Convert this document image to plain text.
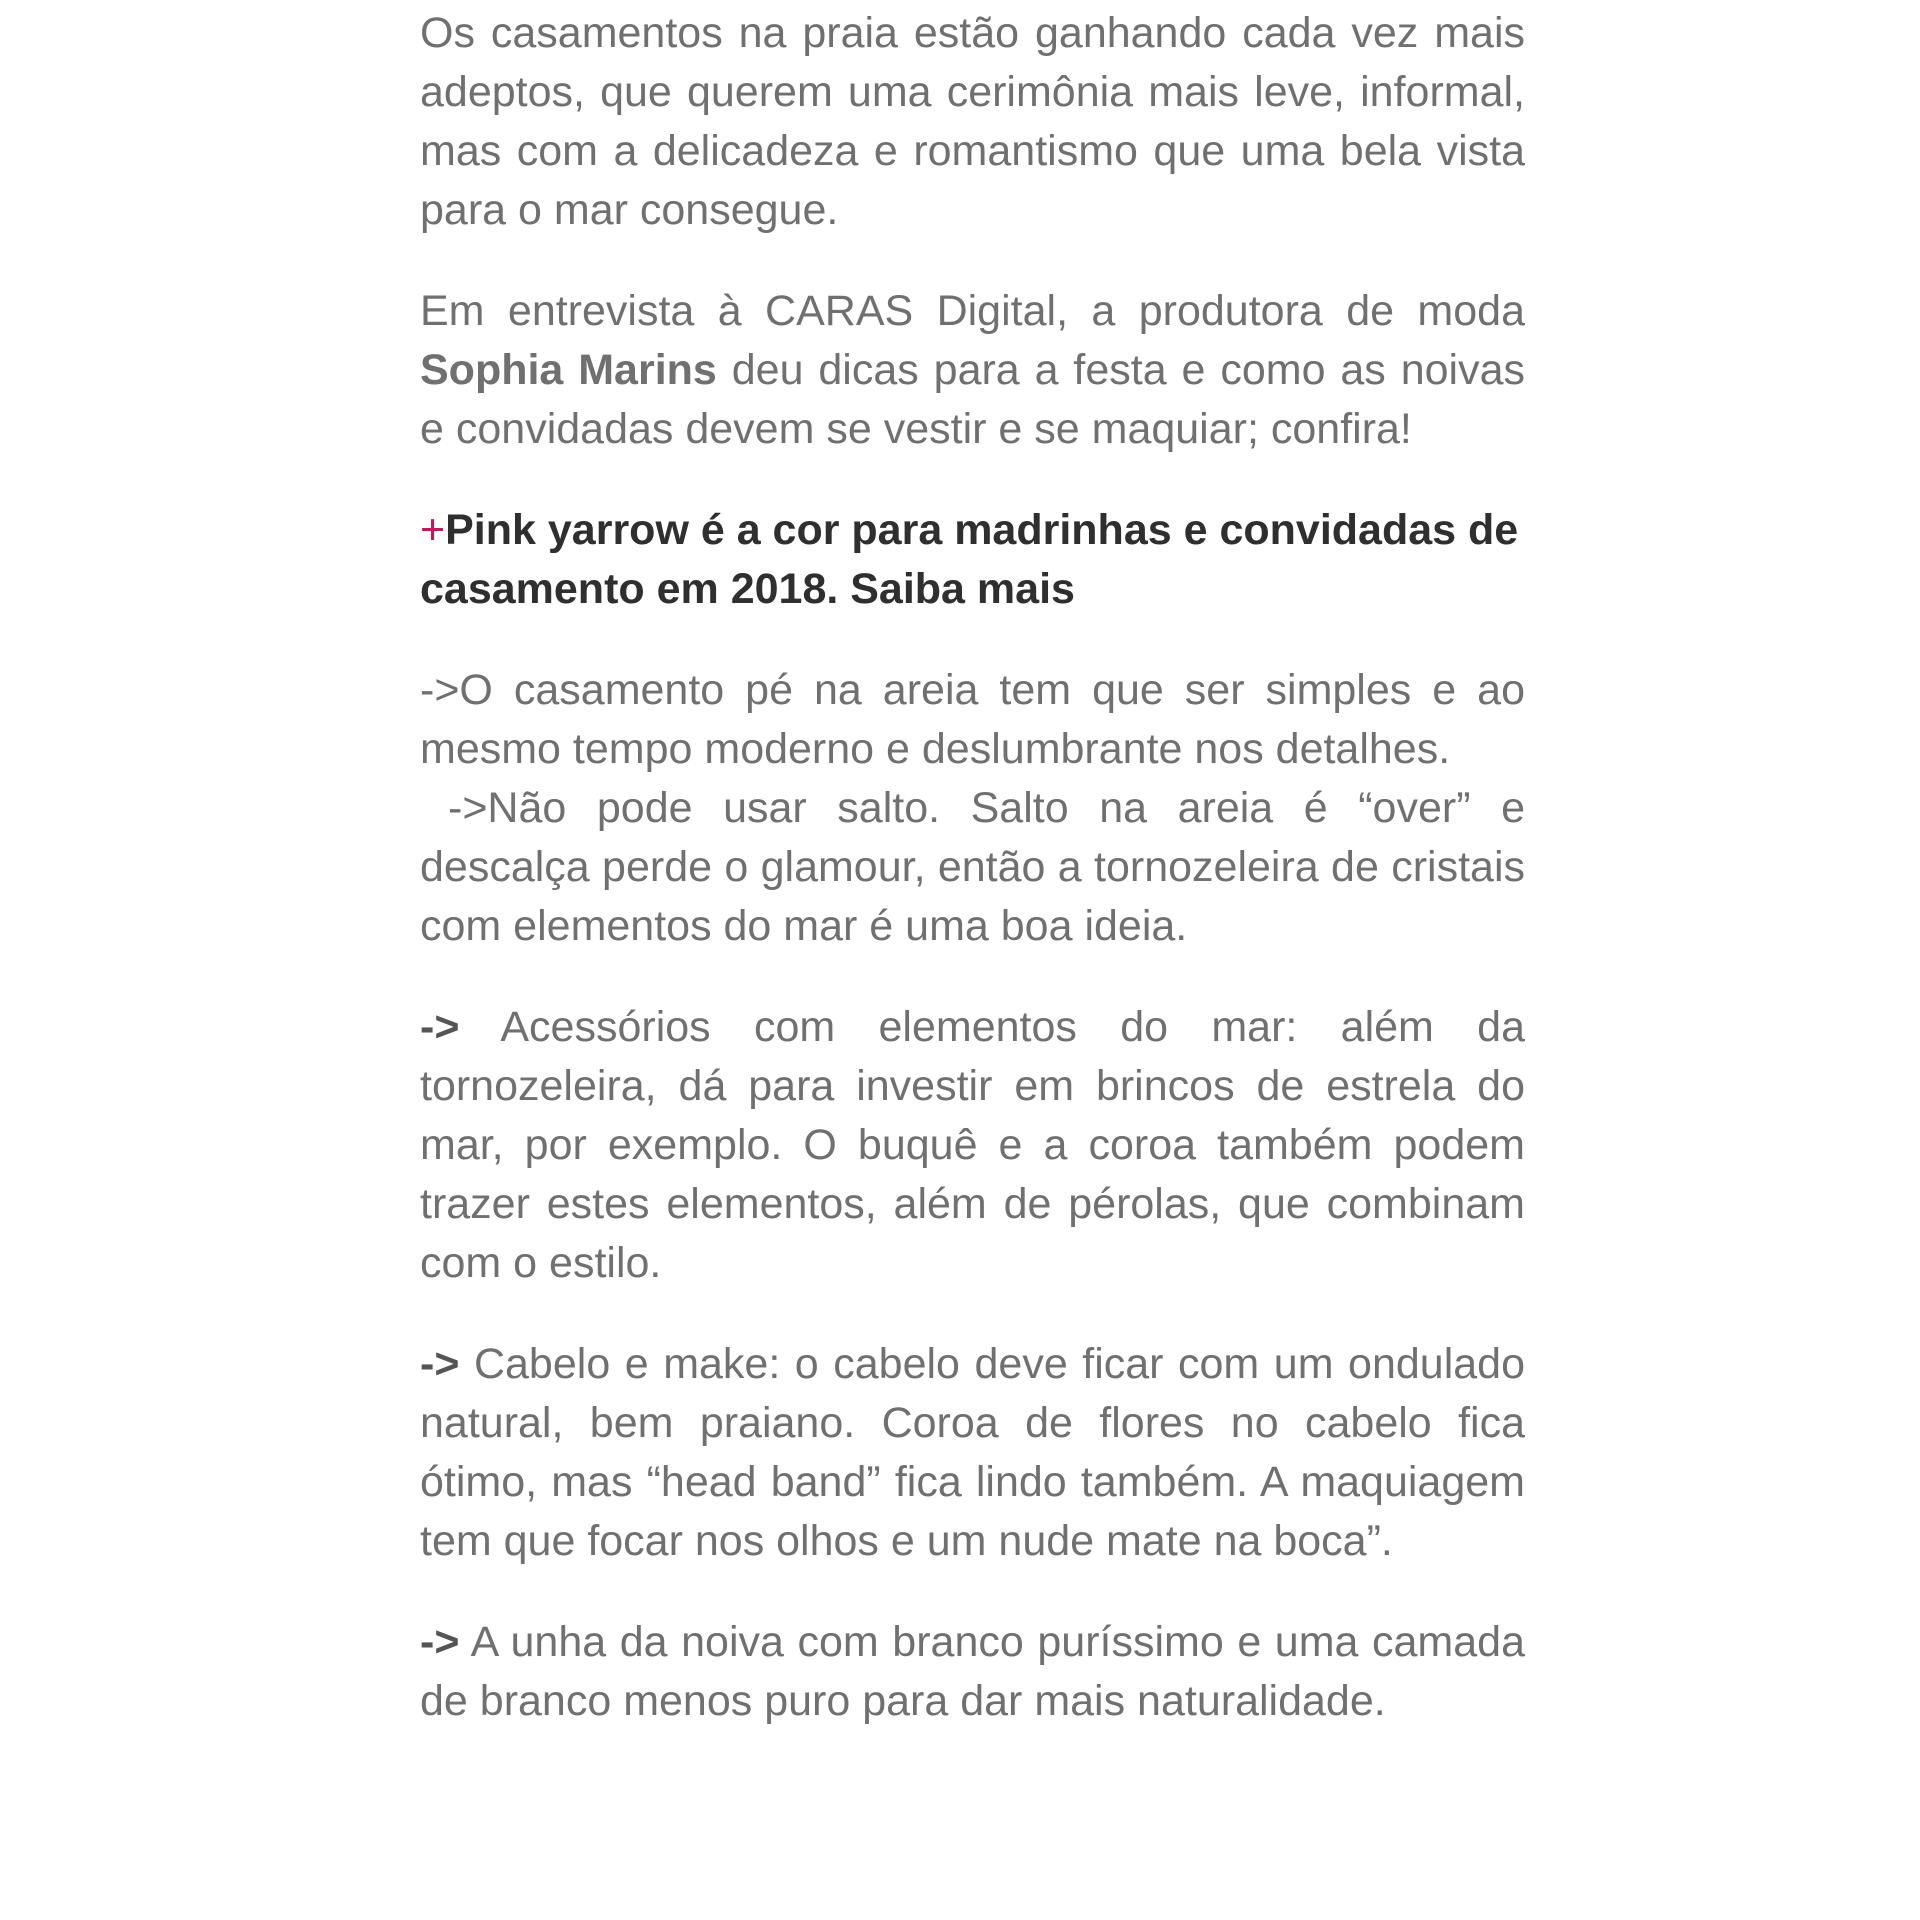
Os casamentos na praia estão ganhando cada vez mais adeptos, que querem uma cerimônia mais leve, informal, mas com a delicadeza e romantismo que uma bela vista para o mar consegue.

Em entrevista à CARAS Digital, a produtora de moda Sophia Marins deu dicas para a festa e como as noivas e convidadas devem se vestir e se maquiar; confira!

+Pink yarrow é a cor para madrinhas e convidadas de casamento em 2018. Saiba mais

->O casamento pé na areia tem que ser simples e ao mesmo tempo moderno e deslumbrante nos detalhes.
->Não pode usar salto. Salto na areia é “over” e descalça perde o glamour, então a tornozeleira de cristais com elementos do mar é uma boa ideia.

-> Acessórios com elementos do mar: além da tornozeleira, dá para investir em brincos de estrela do mar, por exemplo. O buquê e a coroa também podem trazer estes elementos, além de pérolas, que combinam com o estilo.

-> Cabelo e make: o cabelo deve ficar com um ondulado natural, bem praiano. Coroa de flores no cabelo fica ótimo, mas “head band” fica lindo também. A maquiagem tem que focar nos olhos e um nude mate na boca”.

-> A unha da noiva com branco puríssimo e uma camada de branco menos puro para dar mais naturalidade.
